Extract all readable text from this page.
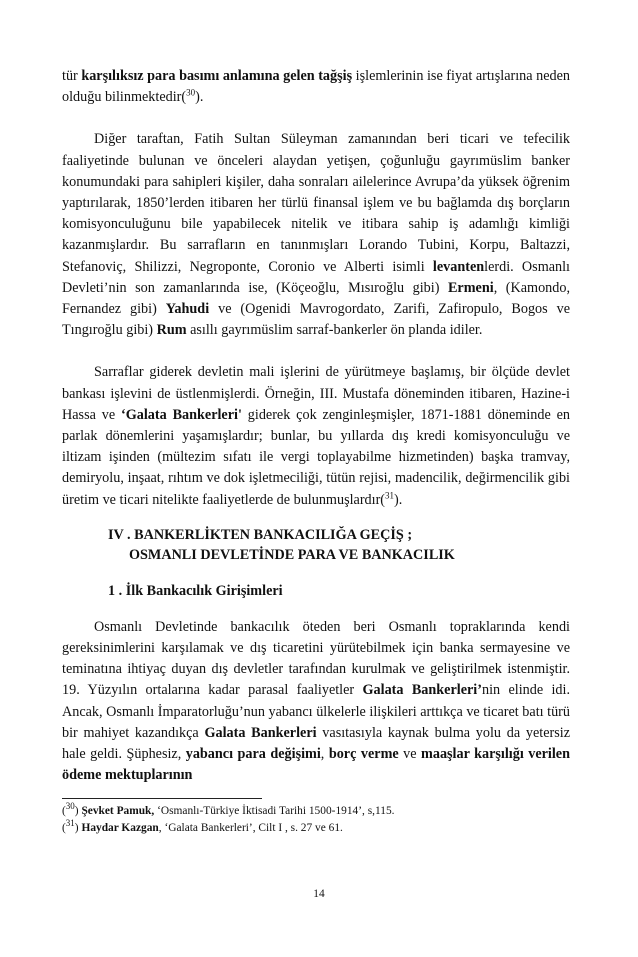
tür karşılıksız para basımı anlamına gelen tağşiş işlemlerinin ise fiyat artışlarına neden olduğu bilinmektedir($^{30}$).

Diğer taraftan, Fatih Sultan Süleyman zamanından beri ticari ve tefecilik faaliyetinde bulunan ve önceleri alaydan yetişen, çoğunluğu gayrımüslim banker konumundaki para sahipleri kişiler, daha sonraları ailelerince Avrupa’da yüksek öğrenim yaptırılarak, 1850’lerden itibaren her türlü finansal işlem ve bu bağlamda dış borçların komisyonculuğunu bile yapabilecek nitelik ve itibara sahip iş adamlığı kimliği kazanmışlardır. Bu sarrafların en tanınmışları Lorando Tubini, Korpu, Baltazzi, Stefanoviç, Shilizzi, Negroponte, Coronio ve Alberti isimli levantenlerdi. Osmanlı Devleti’nin son zamanlarında ise, (Köçeoğlu, Mısıroğlu gibi) Ermeni, (Kamondo, Fernandez gibi) Yahudi ve (Ogenidi Mavrogordato, Zarifi, Zafiropulo, Bogos ve Tıngıroğlu gibi) Rum asıllı gayrımüslim sarraf-bankerler ön planda idiler.

Sarraflar giderek devletin mali işlerini de yürütmeye başlamış, bir ölçüde devlet bankası işlevini de üstlenmişlerdi. Örneğin, III. Mustafa döneminden itibaren, Hazine-i Hassa ve ‘Galata Bankerleri' giderek çok zenginleşmişler, 1871-1881 döneminde en parlak dönemlerini yaşamışlardır; bunlar, bu yıllarda dış kredi komisyonculuğu ve iltizam işinden (mültezim sıfatı ile vergi toplayabilme hizmetinden) başka tramvay, demiryolu, inşaat, rıhtım ve dok işletmeciliği, tütün rejisi, madencilik, değirmencilik gibi üretim ve ticari nitelikte faaliyetlerde de bulunmuşlardır($^{31}$).

IV . BANKERLİKTEN BANKACILIĞA GEÇİŞ ;
OSMANLI DEVLETİNDE PARA VE BANKACILIK
1 . İlk Bankacılık Girişimleri

Osmanlı Devletinde bankacılık öteden beri Osmanlı topraklarında kendi gereksinimlerini karşılamak ve dış ticaretini yürütebilmek için banka sermayesine ve teminatına ihtiyaç duyan dış devletler tarafından kurulmak ve geliştirilmek istenmiştir. 19. Yüzyılın ortalarına kadar parasal faaliyetler Galata Bankerleri’nin elinde idi. Ancak, Osmanlı İmparatorluğu’nun yabancı ülkelerle ilişkileri arttıkça ve ticaret batı türü bir mahiyet kazandıkça Galata Bankerleri vasıtasıyla kaynak bulma yolu da yetersiz hale geldi. Şüphesiz, yabancı para değişimi, borç verme ve maaşlar karşılığı verilen ödeme mektuplarının

($^{30}$) Şevket Pamuk, ‘Osmanlı-Türkiye İktisadi Tarihi 1500-1914’, s,115.

($^{31}$) Haydar Kazgan, ‘Galata Bankerleri’, Cilt I , s. 27 ve 61.

14
